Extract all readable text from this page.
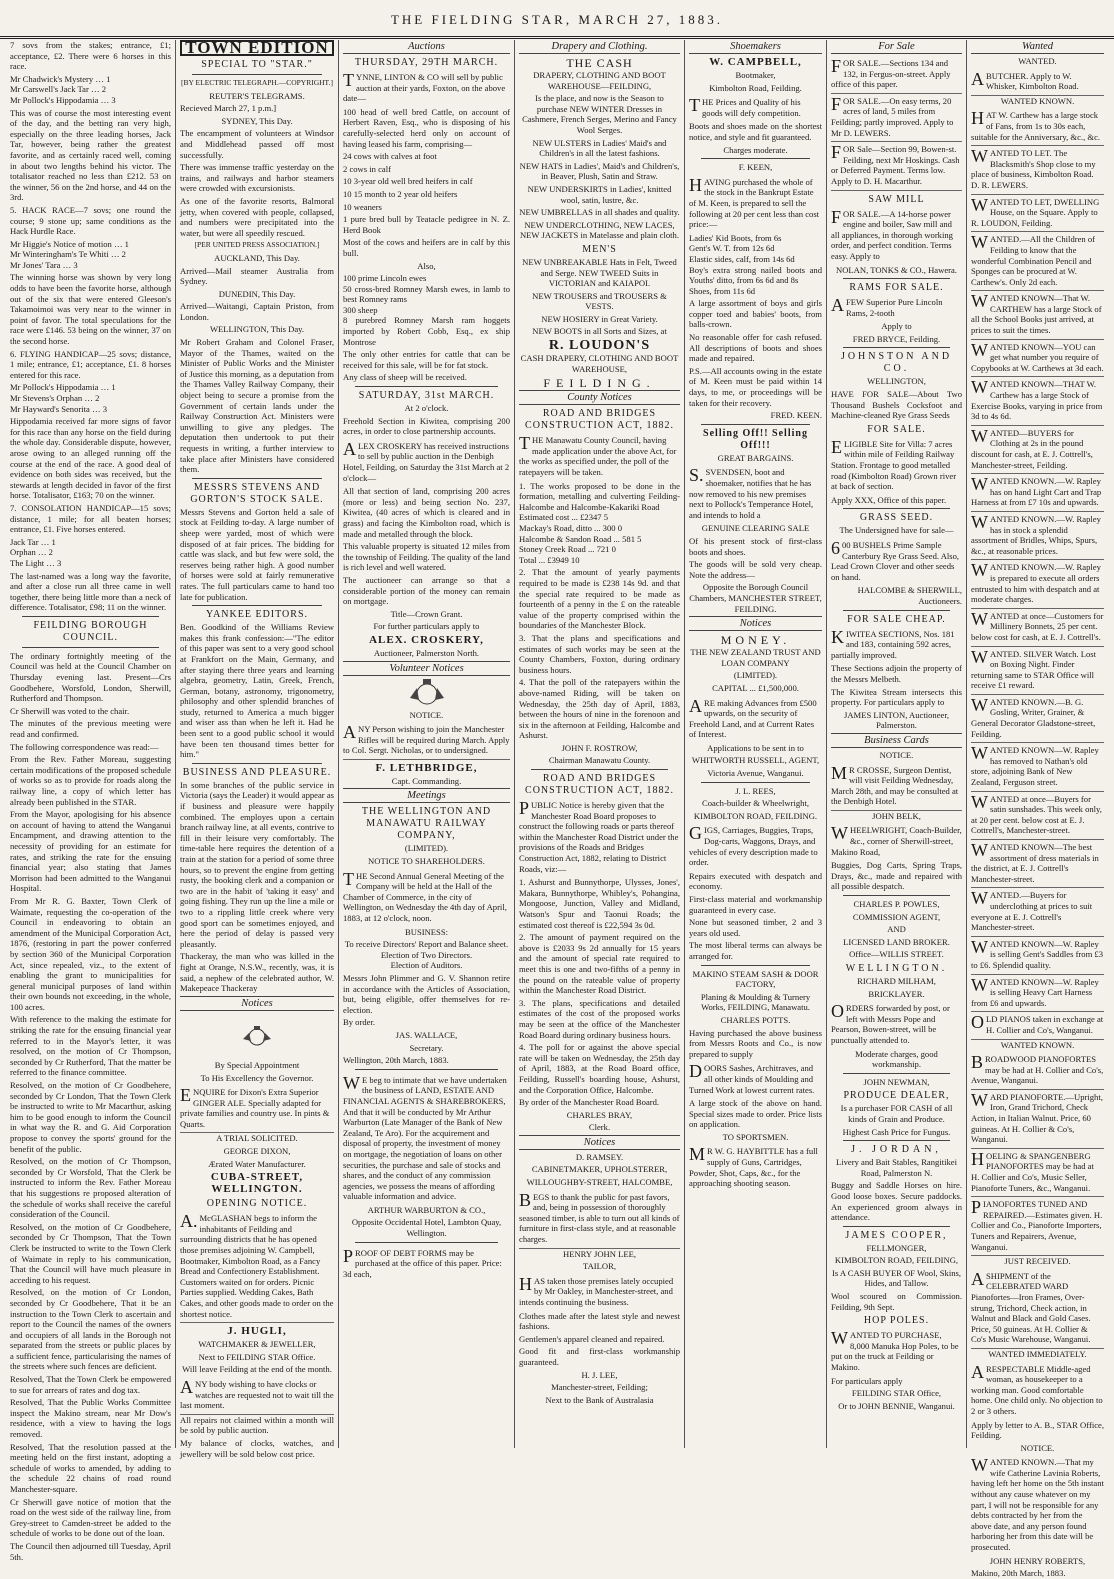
THE FIELDING STAR, MARCH 27, 1883.
7 sovs from the stakes; entrance, £1; acceptance, £2. There were 6 horses in this race.
Mr Chadwick's Mystery … 1
Mr Carswell's Jack Tar … 2
Mr Pollock's Hippodamia … 3
This was of course the most interesting event of the day, and the betting ran very high, especially on the three leading horses, Jack Tar, however, being rather the greatest favorite, and as certainly raced well, coming in about two lengths behind his victor. The totalisator reached no less than £212. 53 on the winner, 56 on the 2nd horse, and 44 on the 3rd.
5. HACK RACE—7 sovs; one round the course; 9 stone up; same conditions as the Hack Hurdle Race.
Mr Higgie's Notice of motion … 1
Mr Winteringham's Te Whiti … 2
Mr Jones' Tara … 3
The winning horse was shown by very long odds to have been the favorite horse, although out of the six that were entered Gleeson's Takamoimoi was very near to the winner in point of favor. The total speculations for the race were £146. 53 being on the winner, 37 on the second horse.
6. FLYING HANDICAP—25 sovs; distance, 1 mile; entrance, £1; acceptance, £1. 8 horses entered for this race.
Mr Pollock's Hippodamia … 1
Mr Stevens's Orphan … 2
Mr Hayward's Senorita … 3
Hippodamia received far more signs of favor for this race than any horse on the field during the whole day. Considerable dispute, however, arose owing to an alleged running off the course at the end of the race. A good deal of evidence on both sides was received, but the stewards at length decided in favor of the first horse. Totalisator, £163; 70 on the winner.
7. CONSOLATION HANDICAP—15 sovs; distance, 1 mile; for all beaten horses; entrance, £1. Five horses entered.
Jack Tar … 1
Orphan … 2
The Light … 3
The last-named was a long way the favorite, and after a close run all three came in well together, there being little more than a neck of difference. Totalisator, £98; 11 on the winner.
FEILDING BOROUGH COUNCIL.
The ordinary fortnightly meeting of the Council was held at the Council Chamber on Thursday evening last. Present—Crs Goodbehere, Worsfold, London, Sherwill, Rutherford and Thompson.
Cr Sherwill was voted to the chair.
The minutes of the previous meeting were read and confirmed.
The following correspondence was read:—
From the Rev. Father Moreau, suggesting certain modifications of the proposed schedule of works so as to provide for roads along the railway line, a copy of which letter has already been published in the STAR.
From the Mayor, apologising for his absence on account of having to attend the Wanganui Encampment, and drawing attention to the necessity of providing for an estimate for rates, and striking the rate for the ensuing financial year; also stating that James Morrison had been admitted to the Wanganui Hospital.
From Mr R. G. Baxter, Town Clerk of Waimate, requesting the co-operation of the Council in endeavoring to obtain an amendment of the Municipal Corporation Act, 1876, (restoring in part the power conferred by section 360 of the Municipal Corporation Act, since repealed, viz., to the extent of enabling the grant to municipalities for general municipal purposes of land within their own bounds not exceeding, in the whole, 100 acres.
With reference to the making the estimate for striking the rate for the ensuing financial year referred to in the Mayor's letter, it was resolved, on the motion of Cr Thompson, seconded by Cr Rutherford, That the matter be referred to the finance committee.
Resolved, on the motion of Cr Goodbehere, seconded by Cr London, That the Town Clerk be instructed to write to Mr Macarthur, asking him to be good enough to inform the Council in what way the R. and G. Aid Corporation propose to convey the sports' ground for the benefit of the public.
Resolved, on the motion of Cr Thompson, seconded by Cr Worsfold, That the Clerk be instructed to inform the Rev. Father Moreau that his suggestions re proposed alteration of the schedule of works shall receive the careful consideration of the Council.
Resolved, on the motion of Cr Goodbehere, seconded by Cr Thompson, That the Town Clerk be instructed to write to the Town Clerk of Waimate in reply to his communication, That the Council will have much pleasure in acceding to his request.
Resolved, on the motion of Cr London, seconded by Cr Goodbehere, That it be an instruction to the Town Clerk to ascertain and report to the Council the names of the owners and occupiers of all lands in the Borough not separated from the streets or public places by a sufficient fence, particularising the names of the streets where such fences are deficient.
Resolved, That the Town Clerk be empowered to sue for arrears of rates and dog tax.
Resolved, That the Public Works Committee inspect the Makino stream, near Mr Dow's residence, with a view to having the logs removed.
Resolved, That the resolution passed at the meeting held on the first instant, adopting a schedule of works to amended, by adding to the schedule 22 chains of road round Manchester-square.
Cr Sherwill gave notice of motion that the road on the west side of the railway line, from Grey-street to Camden-street be added to the schedule of works to be done out of the loan.
The Council then adjourned till Tuesday, April 5th.
TOWN EDITION
SPECIAL TO "STAR."
[BY ELECTRIC TELEGRAPH.—COPYRIGHT.]
REUTER'S TELEGRAMS.
Recieved March 27, 1 p.m.]
SYDNEY, This Day.
The encampment of volunteers at Windsor and Middlehead passed off most successfully.
There was immense traffic yesterday on the trains, and railways and harbor steamers were crowded with excursionists.
As one of the favorite resorts, Balmoral jetty, when covered with people, collapsed, and numbers were precipitated into the water, but were all speedily rescued.
[PER UNITED PRESS ASSOCIATION.]
AUCKLAND, This Day.
Arrived—Mail steamer Australia from Sydney.
DUNEDIN, This Day.
Arrived—Waitangi, Captain Priston, from London.
WELLINGTON, This Day.
Mr Robert Graham and Colonel Fraser, Mayor of the Thames, waited on the Minister of Public Works and the Minister of Justice this morning, as a deputation from the Thames Valley Railway Company, their object being to secure a promise from the Government of certain lands under the Railway Construction Act. Ministers were unwilling to give any pledges. The deputation then undertook to put their requests in writing, a further interview to take place after Ministers have considered them.
MESSRS STEVENS AND GORTON'S STOCK SALE.
Messrs Stevens and Gorton held a sale of stock at Feilding to-day. A large number of sheep were yarded, most of which were disposed of at fair prices. The bidding for cattle was slack, and but few were sold, the reserves being rather high. A good number of horses were sold at fairly remunerative rates. The full particulars came to hand too late for publication.
YANKEE EDITORS.
Ben. Goodkind of the Williams Review makes this frank confession:—"The editor of this paper was sent to a very good school at Frankfort on the Main, Germany, and after staying there three years and learning algebra, geometry, Latin, Greek, French, German, botany, astronomy, trigonometry, philosophy and other splendid branches of study, returned to America a much bigger and wiser ass than when he left it. Had he been sent to a good public school it would have been ten thousand times better for him."
BUSINESS AND PLEASURE.
In some branches of the public service in Victoria (says the Leader) it would appear as if business and pleasure were happily combined. The employes upon a certain branch railway line, at all events, contrive to fill in their leisure very comfortably. The time-table here requires the detention of a train at the station for a period of some three hours, so to prevent the engine from getting rusty, the booking clerk and a companion or two are in the habit of 'taking it easy' and going fishing. They run up the line a mile or two to a rippling little creek where very good sport can be sometimes enjoyed, and here the period of delay is passed very pleasantly.
Thackeray, the man who was killed in the fight at Orange, N.S.W., recently, was, it is said, a nephew of the celebrated author, W. Makepeace Thackeray
Notices

By Special Appointment

To His Excellency the Governor.
ENQUIRE for Dixon's Extra Superior GINGER ALE. Specially adapted for private families and country use. In pints & Quarts.
A TRIAL SOLICITED.
GEORGE DIXON,
Ærated Water Manufacturer.
CUBA-STREET, WELLINGTON.
OPENING NOTICE.
A.McGLASHAN begs to inform the inhabitants of Feilding and surrounding districts that he has opened those premises adjoining W. Campbell, Bootmaker, Kimbolton Road, as a Fancy Bread and Confectionery Establishment. Customers waited on for orders. Picnic Parties supplied. Wedding Cakes, Bath Cakes, and other goods made to order on the shortest notice.
J. HUGLI,
WATCHMAKER & JEWELLER,
Next to FEILDING STAR Office.
Will leave Feilding at the end of the month.
ANY body wishing to have clocks or watches are requested not to wait till the last moment.
All repairs not claimed within a month will be sold by public auction.
My balance of clocks, watches, and jewellery will be sold below cost price.
Auctions
THURSDAY, 29TH MARCH.
TYNNE, LINTON & CO will sell by public auction at their yards, Foxton, on the above date—
100 head of well bred Cattle, on account of Herbert Raven, Esq., who is disposing of his carefully-selected herd only on account of having leased his farm, comprising—
24 cows with calves at foot
2 cows in calf
10 3-year old well bred heifers in calf
10 15 month to 2 year old heifers
10 weaners
1 pure bred bull by Teatacle pedigree in N. Z. Herd Book
Most of the cows and heifers are in calf by this bull.
Also,
100 prime Lincoln ewes
50 cross-bred Romney Marsh ewes, in lamb to best Romney rams
300 sheep
8 purebred Romney Marsh ram hoggets imported by Robert Cobb, Esq., ex ship Montrose
The only other entries for cattle that can be received for this sale, will be for fat stock.
Any class of sheep will be received.
SATURDAY, 31st MARCH.
At 2 o'clock.
Freehold Section in Kiwitea, comprising 200 acres, in order to close partnership accounts.
ALEX CROSKERY has received instructions to sell by public auction in the Denbigh Hotel, Feilding, on Saturday the 31st March at 2 o'clock—
All that section of land, comprising 200 acres (more or less) and being section No. 237, Kiwitea, (40 acres of which is cleared and in grass) and facing the Kimbolton road, which is made and metalled through the block.
This valuable property is situated 12 miles from the township of Feilding. The quality of the land is rich level and well watered.
The auctioneer can arrange so that a considerable portion of the money can remain on mortgage.
Title—Crown Grant.
For further particulars apply to
ALEX. CROSKERY,
Auctioneer, Palmerston North.
Volunteer Notices
NOTICE.
ANY Person wishing to join the Manchester Rifles will be required during March. Apply to Col. Sergt. Nicholas, or to undersigned.
F. LETHBRIDGE,
Capt. Commanding.
Meetings
THE WELLINGTON AND MANAWATU RAILWAY COMPANY,
(LIMITED).
NOTICE TO SHAREHOLDERS.
THE Second Annual General Meeting of the Company will be held at the Hall of the Chamber of Commerce, in the city of Wellington, on Wednesday the 4th day of April, 1883, at 12 o'clock, noon.
BUSINESS:
To receive Directors' Report and Balance sheet.
Election of Two Directors.
Election of Auditors.
Messrs John Plimmer and G. V. Shannon retire in accordance with the Articles of Association, but, being eligible, offer themselves for re-election.
By order.
JAS. WALLACE,
Secretary.
Wellington, 20th March, 1883.
WE beg to intimate that we have undertaken the business of LAND, ESTATE AND FINANCIAL AGENTS & SHAREBROKERS, And that it will be conducted by Mr Arthur Warburton (Late Manager of the Bank of New Zealand, Te Aro). For the acquirement and disposal of property, the investment of money on mortgage, the negotiation of loans on other securities, the purchase and sale of stocks and shares, and the conduct of any commission agencies, we possess the means of affording valuable information and advice.
ARTHUR WARBURTON & CO.,
Opposite Occidental Hotel, Lambton Quay, Wellington.
PROOF OF DEBT FORMS may be purchased at the office of this paper. Price: 3d each,
Drapery and Clothing.
THE CASH
DRAPERY, CLOTHING AND BOOT WAREHOUSE—FEILDING,
Is the place, and now is the Season to purchase NEW WINTER Dresses in Cashmere, French Serges, Merino and Fancy Wool Serges.
NEW ULSTERS in Ladies' Maid's and Children's in all the latest fashions.
NEW HATS in Ladies', Maid's and Children's, in Beaver, Plush, Satin and Straw.
NEW UNDERSKIRTS in Ladies', knitted wool, satin, lustre, &c.
NEW UMBRELLAS in all shades and quality.
NEW UNDERCLOTHING, NEW LACES, NEW JACKETS in Matelasse and plain cloth.
MEN'S
NEW UNBREAKABLE Hats in Felt, Tweed and Serge. NEW TWEED Suits in VICTORIAN and KAIAPOI.
NEW TROUSERS and TROUSERS & VESTS.
NEW HOSIERY in Great Variety.
NEW BOOTS in all Sorts and Sizes, at
R. LOUDON'S
CASH DRAPERY, CLOTHING AND BOOT WAREHOUSE,
FEILDING.
County Notices
ROAD AND BRIDGES CONSTRUCTION ACT, 1882.
THE Manawatu County Council, having made application under the above Act, for the works as specified under, the poll of the ratepayers will be taken.
1. The works proposed to be done in the formation, metalling and culverting Feilding-Halcombe and Halcombe-Kakariki Road
Estimated cost ... £2347 5
Mackay's Road, ditto ... 300 0
Halcombe & Sandon Road ... 581 5
Stoney Creek Road ... 721 0
Total ... £3949 10
2. That the amount of yearly payments required to be made is £238 14s 9d. and that the special rate required to be made as fourteenth of a penny in the £ on the rateable value of the property comprised within the boundaries of the Manchester Block.
3. That the plans and specifications and estimates of such works may be seen at the County Chambers, Foxton, during ordinary business hours.
4. That the poll of the ratepayers within the above-named Riding, will be taken on Wednesday, the 25th day of April, 1883, between the hours of nine in the forenoon and six in the afternoon at Feilding, Halcombe and Ashurst.
JOHN F. ROSTROW,
Chairman Manawatu County.
ROAD AND BRIDGES CONSTRUCTION ACT, 1882.
PUBLIC Notice is hereby given that the Manchester Road Board proposes to construct the following roads or parts thereof within the Manchester Road District under the provisions of the Roads and Bridges Construction Act, 1882, relating to District Roads, viz:—
1. Ashurst and Bunnythorpe, Ulysses, Jones', Makara, Bunnythorpe, Whibley's, Pohangina, Mongoose, Junction, Valley and Midland, Watson's Spur and Taonui Roads; the estimated cost thereof is £22,594 3s 0d.
2. The amount of payment required on the above is £2033 9s 2d annually for 15 years and the amount of special rate required to meet this is one and two-fifths of a penny in the pound on the rateable value of property within the Manchester Road District.
3. The plans, specifications and detailed estimates of the cost of the proposed works may be seen at the office of the Manchester Road Board during ordinary business hours.
4. The poll for or against the above special rate will be taken on Wednesday, the 25th day of April, 1883, at the Road Board office, Feilding, Russell's boarding house, Ashurst, and the Corporation Office, Halcombe.
By order of the Manchester Road Board.
CHARLES BRAY,
Clerk.
Notices
D. RAMSEY.
CABINETMAKER, UPHOLSTERER,
WILLOUGHBY-STREET, HALCOMBE,
BEGS to thank the public for past favors, and, being in possession of thoroughly seasoned timber, is able to turn out all kinds of furniture in first-class style, and at reasonable charges.
HENRY JOHN LEE,
TAILOR,
HAS taken those premises lately occupied by Mr Oakley, in Manchester-street, and intends continuing the business.
Clothes made after the latest style and newest fashions.
Gentlemen's apparel cleaned and repaired.
Good fit and first-class workmanship guaranteed.
H. J. LEE,
Manchester-street, Feilding;
Next to the Bank of Australasia
Shoemakers
W. CAMPBELL,
Bootmaker,
Kimbolton Road, Feilding.
THE Prices and Quality of his goods will defy competition.
Boots and shoes made on the shortest notice, and style and fit guaranteed.
Charges moderate.
F. KEEN,
HAVING purchased the whole of the stock in the Bankrupt Estate of M. Keen, is prepared to sell the following at 20 per cent less than cost price:—
Ladies' Kid Boots, from 6s
Gent's W. T. from 12s 6d
Elastic sides, calf, from 14s 6d
Boy's extra strong nailed boots and Youths' ditto, from 6s 6d and 8s
Shoes, from 11s 6d
A large assortment of boys and girls copper toed and babies' boots, from balls-crown.
No reasonable offer for cash refused. All descriptions of boots and shoes made and repaired.
P.S.—All accounts owing in the estate of M. Keen must be paid within 14 days, to me, or proceedings will be taken for their recovery.
FRED. KEEN.
Selling Off!! Selling Off!!!
GREAT BARGAINS.
S.SVENDSEN, boot and shoemaker, notifies that he has now removed to his new premises next to Pollock's Temperance Hotel, and intends to hold a
GENUINE CLEARING SALE
Of his present stock of first-class boots and shoes.
The goods will be sold very cheap. Note the address—
Opposite the Borough Council Chambers, MANCHESTER STREET, FEILDING.
Notices
MONEY.
THE NEW ZEALAND TRUST AND LOAN COMPANY
(LIMITED).
CAPITAL ... £1,500,000.
ARE making Advances from £500 upwards, on the security of Freehold Land, and at Current Rates of Interest.
Applications to be sent in to
WHITWORTH RUSSELL, AGENT,
Victoria Avenue, Wanganui.
J. L. REES,
Coach-builder & Wheelwright,
KIMBOLTON ROAD, FEILDING.
GIGS, Carriages, Buggies, Traps, Dog-carts, Waggons, Drays, and vehicles of every description made to order.
Repairs executed with despatch and economy.
First-class material and workmanship guaranteed in every case.
None but seasoned timber, 2 and 3 years old used.
The most liberal terms can always be arranged for.
MAKINO STEAM SASH & DOOR FACTORY,
Planing & Moulding & Turnery Works, FEILDING, Manawatu.
CHARLES POTTS.
Having purchased the above business from Messrs Roots and Co., is now prepared to supply
DOORS Sashes, Architraves, and all other kinds of Moulding and Turned Work at lowest current rates.
A large stock of the above on hand. Special sizes made to order. Price lists on application.
TO SPORTSMEN.
MR W. G. HAYBITTLE has a full supply of Guns, Cartridges, Powder, Shot, Caps, &c., for the approaching shooting season.
For Sale
FOR SALE.—Sections 134 and 132, in Fergus-on-street. Apply office of this paper.
FOR SALE.—On easy terms, 20 acres of land, 5 miles from Feilding; partly improved. Apply to Mr D. LEWERS.
FOR Sale—Section 99, Bowen-st. Feilding, next Mr Hoskings. Cash or Deferred Payment. Terms low. Apply to D. H. Macarthur.
SAW MILL
FOR SALE.—A 14-horse power engine and boiler, Saw mill and all appliances, in thorough working order, and perfect condition. Terms easy. Apply to
NOLAN, TONKS & CO., Hawera.
RAMS FOR SALE.
AFEW Superior Pure Lincoln Rams, 2-tooth
Apply to
FRED BRYCE, Feilding.
JOHNSTON AND CO.
WELLINGTON,
HAVE FOR SALE—About Two Thousand Bushels Cocksfoot and Machine-cleaned Rye Grass Seeds
FOR SALE.
ELIGIBLE Site for Villa: 7 acres within mile of Feilding Railway Station. Frontage to good metalled road (Kimbolton Road) Grown river at back of section.
Apply XXX, Office of this paper.
GRASS SEED.
The Undersigned have for sale—
600 BUSHELS Prime Sample Canterbury Rye Grass Seed. Also, Lead Crown Clover and other seeds on hand.
HALCOMBE & SHERWILL, Auctioneers.
FOR SALE CHEAP.
KIWITEA SECTIONS, Nos. 181 and 183, containing 592 acres, partially improved.
These Sections adjoin the property of the Messrs Melbeth.
The Kiwitea Stream intersects this property. For particulars apply to
JAMES LINTON, Auctioneer, Palmerston.
Business Cards
NOTICE.
MR CROSSE, Surgeon Dentist, will visit Feilding Wednesday, March 28th, and may be consulted at the Denbigh Hotel.
JOHN BELK,
WHEELWRIGHT, Coach-Builder, &c., corner of Sherwill-street, Makino Road,
Buggies, Dog Carts, Spring Traps, Drays, &c., made and repaired with all possible despatch.
CHARLES P. POWLES,
COMMISSION AGENT,
AND
LICENSED LAND BROKER.
Office—WILLIS STREET.
WELLINGTON.
RICHARD MILHAM,
BRICKLAYER.
ORDERS forwarded by post, or left with Messrs Pope and Pearson, Bowen-street, will be punctually attended to.
Moderate charges, good workmanship.
JOHN NEWMAN,
PRODUCE DEALER,
Is a purchaser FOR CASH of all kinds of Grain and Produce.
Highest Cash Price for Fungus.
J. JORDAN,
Livery and Bait Stables, Rangitikei Road, Palmerston N.
Buggy and Saddle Horses on hire. Good loose boxes. Secure paddocks. An experienced groom always in attendance.
JAMES COOPER,
FELLMONGER,
KIMBOLTON ROAD, FEILDING,
Is A CASH BUYER OF Wool, Skins, Hides, and Tallow.
Wool scoured on Commission. Feilding, 9th Sept.
HOP POLES.
WANTED TO PURCHASE, 8,000 Manuka Hop Poles, to be put on the truck at Feilding or Makino.
For particulars apply
FEILDING STAR Office,
Or to JOHN BENNIE, Wanganui.
Wanted
WANTED.
ABUTCHER. Apply to W. Whisker, Kimbolton Road.
WANTED KNOWN.
HAT W. Carthew has a large stock of Fans, from 1s to 30s each, suitable for the Anniversary, &c., &c.
WANTED TO LET. The Blacksmith's Shop close to my place of business, Kimbolton Road. D. R. LEWERS.
WANTED TO LET, DWELLING House, on the Square. Apply to R. LOUDON, Feilding.
WANTED.—All the Children of Feilding to know that the wonderful Combination Pencil and Sponges can be procured at W. Carthew's. Only 2d each.
WANTED KNOWN—That W. CARTHEW has a large Stock of all the School Books just arrived, at prices to suit the times.
WANTED KNOWN—YOU can get what number you require of Copybooks at W. Carthews at 3d each.
WANTED KNOWN—THAT W. Carthew has a large Stock of Exercise Books, varying in price from 3d to 4s 6d.
WANTED—BUYERS for Clothing at 2s in the pound discount for cash, at E. J. Cottrell's, Manchester-street, Feilding.
WANTED KNOWN.—W. Rapley has on hand Light Cart and Trap Harness at from £7 10s and upwards.
WANTED KNOWN.—W. Rapley has in stock a splendid assortment of Bridles, Whips, Spurs, &c., at reasonable prices.
WANTED KNOWN.—W. Rapley is prepared to execute all orders entrusted to him with despatch and at moderate charges.
WANTED at once—Customers for Millinery Bonnets, 25 per cent. below cost for cash, at E. J. Cottrell's.
WANTED. SILVER Watch. Lost on Boxing Night. Finder returning same to STAR Office will receive £1 reward.
WANTED KNOWN.—B. G. Gosling, Writer, Grainer, & General Decorator Gladstone-street, Feilding.
WANTED KNOWN—W. Rapley has removed to Nathan's old store, adjoining Bank of New Zealand, Ferguson street.
WANTED at once—Buyers for satin sunshades. This week only, at 20 per cent. below cost at E. J. Cottrell's, Manchester-street.
WANTED KNOWN—The best assortment of dress materials in the district, at E. J. Cottrell's Manchester-street.
WANTED.—Buyers for underclothing at prices to suit everyone at E. J. Cottrell's Manchester-street.
WANTED KNOWN—W. Rapley is selling Gent's Saddles from £3 to £6. Splendid quality.
WANTED KNOWN—W. Rapley is selling Heavy Cart Harness from £6 and upwards.
OLD PIANOS taken in exchange at H. Collier and Co's, Wanganui.
WANTED KNOWN.
BROADWOOD PIANOFORTES may be had at H. Collier and Co's, Avenue, Wanganui.
WARD PIANOFORTE.—Upright, Iron, Grand Trichord, Check Action, in Italian Walnut. Price, 60 guineas. At H. Collier & Co's, Wanganui.
HOELING & SPANGENBERG PIANOFORTES may be had at H. Collier and Co's, Music Seller, Pianoforte Tuners, &c., Wanganui.
PIANOFORTES TUNED AND REPAIRED.—Estimates given. H. Collier and Co., Pianoforte Importers, Tuners and Repairers, Avenue, Wanganui.
JUST RECEIVED.
ASHIPMENT of the CELEBRATED WARD Pianofortes—Iron Frames, Over-strung, Trichord, Check action, in Walnut and Black and Gold Cases. Price, 50 guineas. At H. Collier & Co's Music Warehouse, Wanganui.
WANTED IMMEDIATELY.
ARESPECTABLE Middle-aged woman, as housekeeper to a working man. Good comfortable home. One child only. No objection to 2 or 3 others.
Apply by letter to A. B., STAR Office, Feilding.
NOTICE.
WANTED KNOWN.—That my wife Catherine Lavinia Roberts, having left her home on the 5th instant without any cause whatever on my part, I will not be responsible for any debts contracted by her from the above date, and any person found harboring her from this date will be prosecuted.
JOHN HENRY ROBERTS,
Makino, 20th March, 1883.
